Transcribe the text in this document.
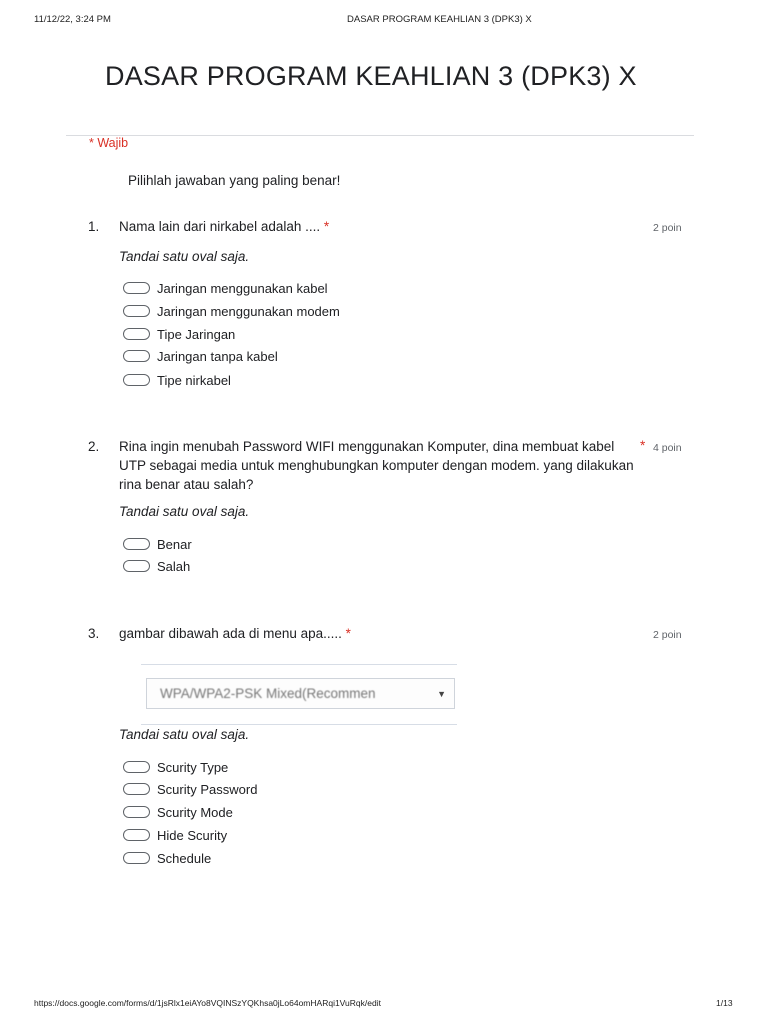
11/12/22, 3:24 PM	DASAR PROGRAM KEAHLIAN 3 (DPK3) X
DASAR PROGRAM KEAHLIAN 3 (DPK3) X
* Wajib
Pilihlah jawaban yang paling benar!
1. Nama lain dari nirkabel adalah .... *	2 poin
Tandai satu oval saja.
Jaringan menggunakan kabel
Jaringan menggunakan modem
Tipe Jaringan
Jaringan tanpa kabel
Tipe nirkabel
2. Rina ingin menubah Password WIFI menggunakan Komputer, dina membuat kabel UTP sebagai media untuk menghubungkan komputer dengan modem. yang dilakukan rina benar atau salah?
* 4 poin
Tandai satu oval saja.
Benar
Salah
3. gambar dibawah ada di menu apa..... *	2 poin
WPA/WPA2-PSK Mixed(Recommen	▼
Tandai satu oval saja.
Scurity Type
Scurity Password
Scurity Mode
Hide Scurity
Schedule
https://docs.google.com/forms/d/1jsRlx1eiAYo8VQINSzYQKhsa0jLo64omHARqi1VuRqk/edit	1/13
